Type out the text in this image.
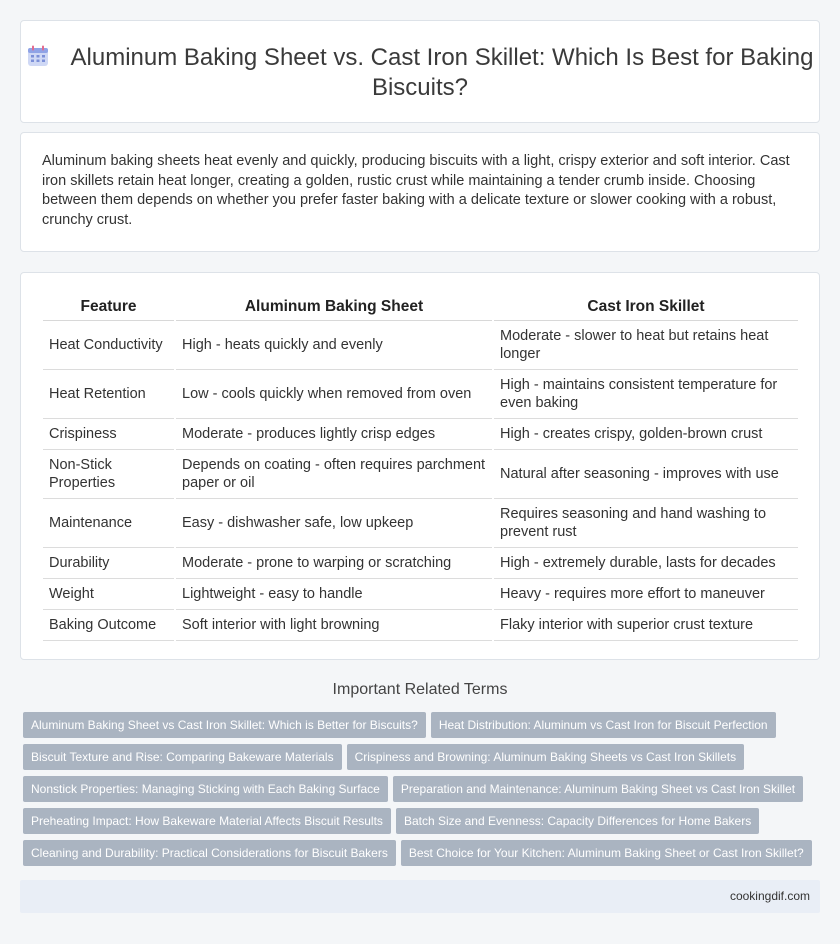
Aluminum Baking Sheet vs. Cast Iron Skillet: Which Is Best for Baking Biscuits?

Aluminum baking sheets heat evenly and quickly, producing biscuits with a light, crispy exterior and soft interior. Cast iron skillets retain heat longer, creating a golden, rustic crust while maintaining a tender crumb inside. Choosing between them depends on whether you prefer faster baking with a delicate texture or slower cooking with a robust, crunchy crust.

Feature	Aluminum Baking Sheet	Cast Iron Skillet
Heat Conductivity	High - heats quickly and evenly	Moderate - slower to heat but retains heat longer
Heat Retention	Low - cools quickly when removed from oven	High - maintains consistent temperature for even baking
Crispiness	Moderate - produces lightly crisp edges	High - creates crispy, golden-brown crust
Non-Stick Properties	Depends on coating - often requires parchment paper or oil	Natural after seasoning - improves with use
Maintenance	Easy - dishwasher safe, low upkeep	Requires seasoning and hand washing to prevent rust
Durability	Moderate - prone to warping or scratching	High - extremely durable, lasts for decades
Weight	Lightweight - easy to handle	Heavy - requires more effort to maneuver
Baking Outcome	Soft interior with light browning	Flaky interior with superior crust texture
Important Related Terms
Aluminum Baking Sheet vs Cast Iron Skillet: Which is Better for Biscuits? Heat Distribution: Aluminum vs Cast Iron for Biscuit Perfection
Biscuit Texture and Rise: Comparing Bakeware Materials Crispiness and Browning: Aluminum Baking Sheets vs Cast Iron Skillets
Nonstick Properties: Managing Sticking with Each Baking Surface Preparation and Maintenance: Aluminum Baking Sheet vs Cast Iron Skillet
Preheating Impact: How Bakeware Material Affects Biscuit Results Batch Size and Evenness: Capacity Differences for Home Bakers
Cleaning and Durability: Practical Considerations for Biscuit Bakers Best Choice for Your Kitchen: Aluminum Baking Sheet or Cast Iron Skillet?
cookingdif.com
